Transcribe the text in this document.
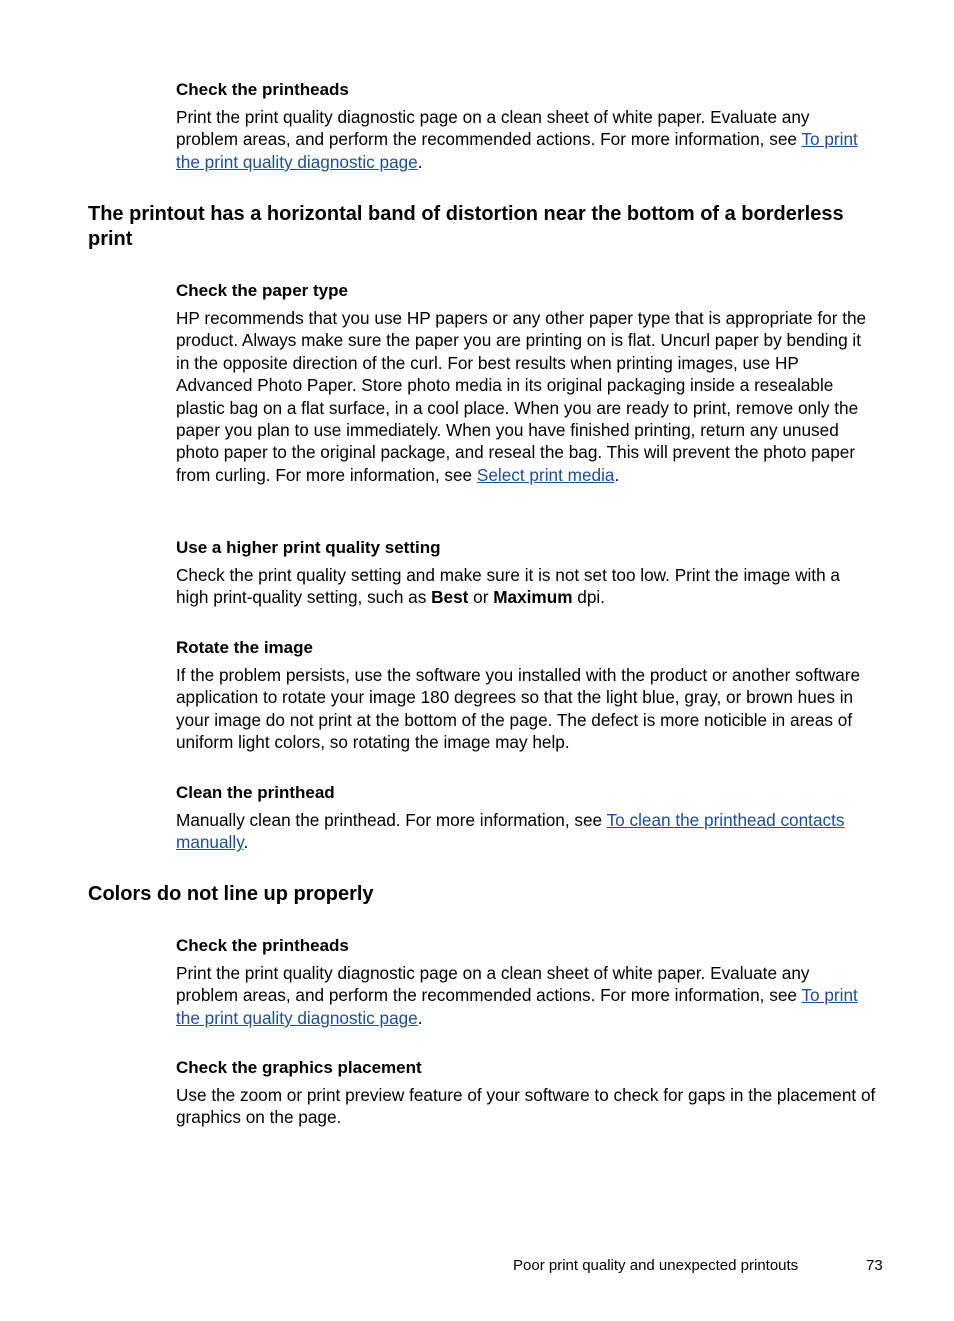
Check the printheads

Print the print quality diagnostic page on a clean sheet of white paper. Evaluate any problem areas, and perform the recommended actions. For more information, see To print the print quality diagnostic page.

The printout has a horizontal band of distortion near the bottom of a borderless print

Check the paper type

HP recommends that you use HP papers or any other paper type that is appropriate for the product. Always make sure the paper you are printing on is flat. Uncurl paper by bending it in the opposite direction of the curl. For best results when printing images, use HP Advanced Photo Paper. Store photo media in its original packaging inside a resealable plastic bag on a flat surface, in a cool place. When you are ready to print, remove only the paper you plan to use immediately. When you have finished printing, return any unused photo paper to the original package, and reseal the bag. This will prevent the photo paper from curling. For more information, see Select print media.

Use a higher print quality setting

Check the print quality setting and make sure it is not set too low. Print the image with a high print-quality setting, such as Best or Maximum dpi.

Rotate the image

If the problem persists, use the software you installed with the product or another software application to rotate your image 180 degrees so that the light blue, gray, or brown hues in your image do not print at the bottom of the page. The defect is more noticible in areas of uniform light colors, so rotating the image may help.

Clean the printhead

Manually clean the printhead. For more information, see To clean the printhead contacts manually.

Colors do not line up properly

Check the printheads

Print the print quality diagnostic page on a clean sheet of white paper. Evaluate any problem areas, and perform the recommended actions. For more information, see To print the print quality diagnostic page.

Check the graphics placement

Use the zoom or print preview feature of your software to check for gaps in the placement of graphics on the page.

Poor print quality and unexpected printouts	73
